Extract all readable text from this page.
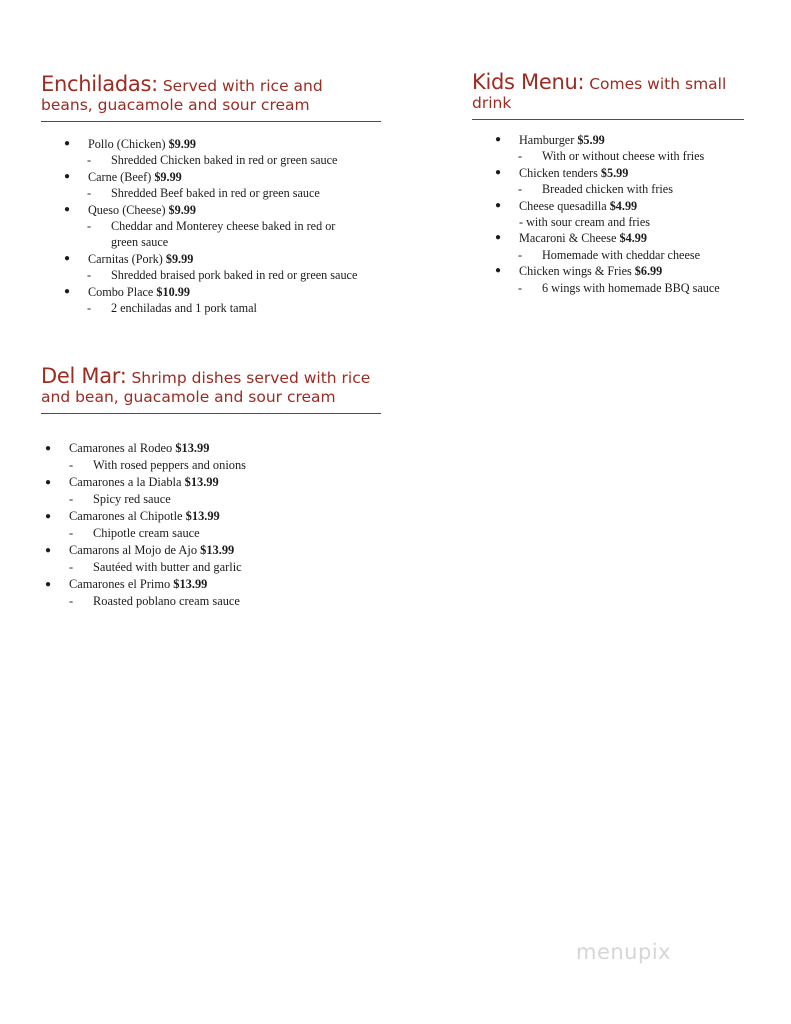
Enchiladas: Served with rice and
beans, guacamole and sour cream
● Pollo (Chicken) $9.99
- Shredded Chicken baked in red or green sauce
● Carne (Beef) $9.99
- Shredded Beef baked in red or green sauce
● Queso (Cheese) $9.99
- Cheddar and Monterey cheese baked in red or
green sauce
● Carnitas (Pork) $9.99
- Shredded braised pork baked in red or green sauce
● Combo Place $10.99
- 2 enchiladas and 1 pork tamal
Kids Menu: Comes with small
drink
● Hamburger $5.99
- With or without cheese with fries
● Chicken tenders $5.99
- Breaded chicken with fries
● Cheese quesadilla $4.99
- with sour cream and fries
● Macaroni & Cheese $4.99
- Homemade with cheddar cheese
● Chicken wings & Fries $6.99
- 6 wings with homemade BBQ sauce
Del Mar: Shrimp dishes served with rice
and bean, guacamole and sour cream
● Camarones al Rodeo $13.99
- With rosed peppers and onions
● Camarones a la Diabla $13.99
- Spicy red sauce
● Camarones al Chipotle $13.99
- Chipotle cream sauce
● Camarons al Mojo de Ajo $13.99
- Sautéed with butter and garlic
● Camarones el Primo $13.99
- Roasted poblano cream sauce
menupix
